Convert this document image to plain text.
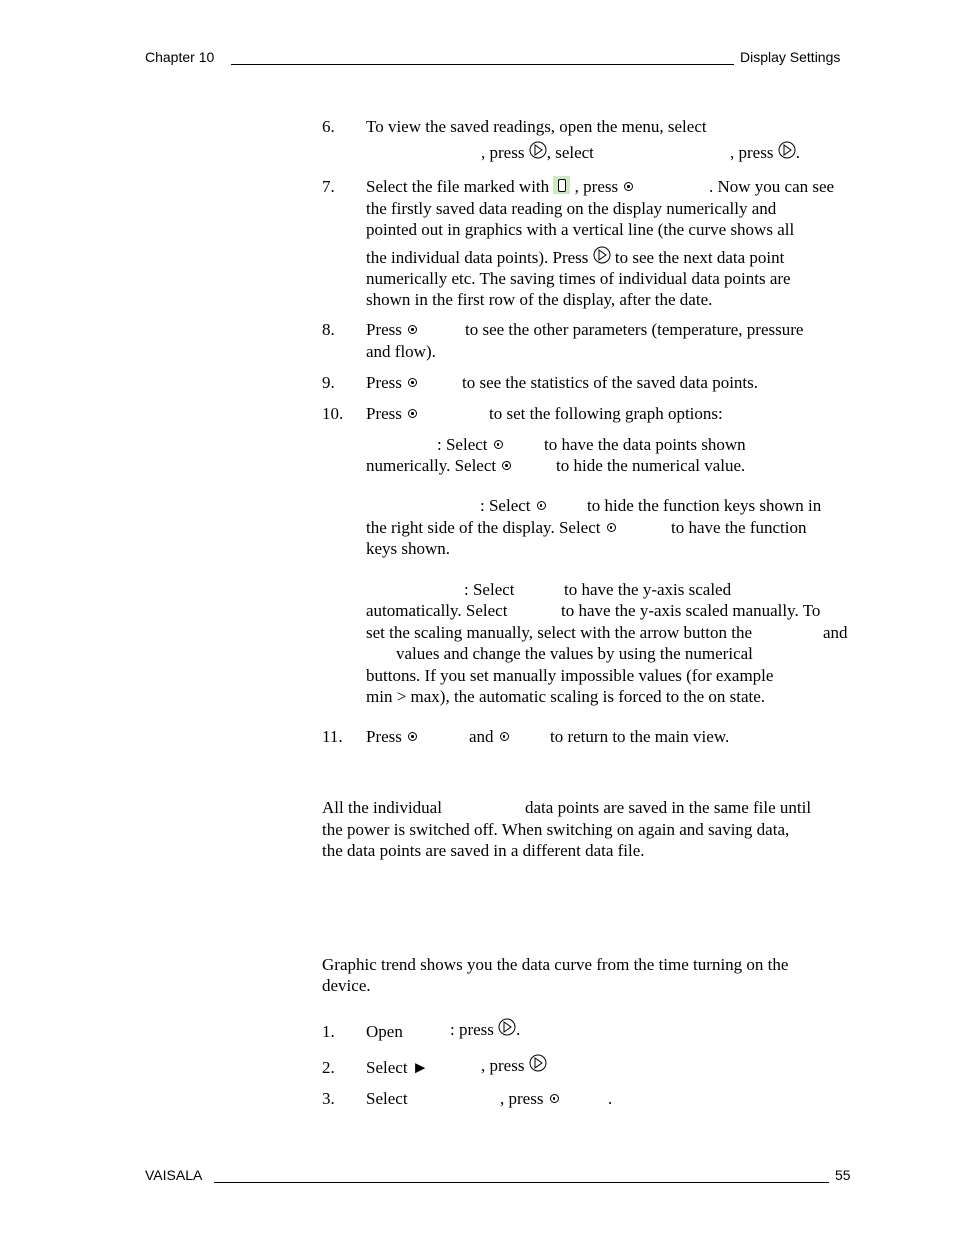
Chapter 10	Display Settings
6. To view the saved readings, open the menu, select
, press , select	, press .
7. Select the file marked with , press	. Now you can see
the firstly saved data reading on the display numerically and
pointed out in graphics with a vertical line (the curve shows all
the individual data points). Press to see the next data point
numerically etc. The saving times of individual data points are
shown in the first row of the display, after the date.
8. Press	to see the other parameters (temperature, pressure
and flow).
9. Press	to see the statistics of the saved data points.
10. Press	to set the following graph options:
: Select	to have the data points shown
numerically. Select	to hide the numerical value.
: Select	to hide the function keys shown in
the right side of the display. Select	to have the function
keys shown.
: Select	to have the y-axis scaled
automatically. Select	to have the y-axis scaled manually. To
set the scaling manually, select with the arrow button the	and
values and change the values by using the numerical
buttons. If you set manually impossible values (for example
min > max), the automatic scaling is forced to the on state.
11. Press	and	to return to the main view.
All the individual	data points are saved in the same file until
the power is switched off. When switching on again and saving data,
the data points are saved in a different data file.
Graphic trend shows you the data curve from the time turning on the
device.
1. Open	: press .
2. Select ►	, press
3. Select	, press	.
VAISALA	55
